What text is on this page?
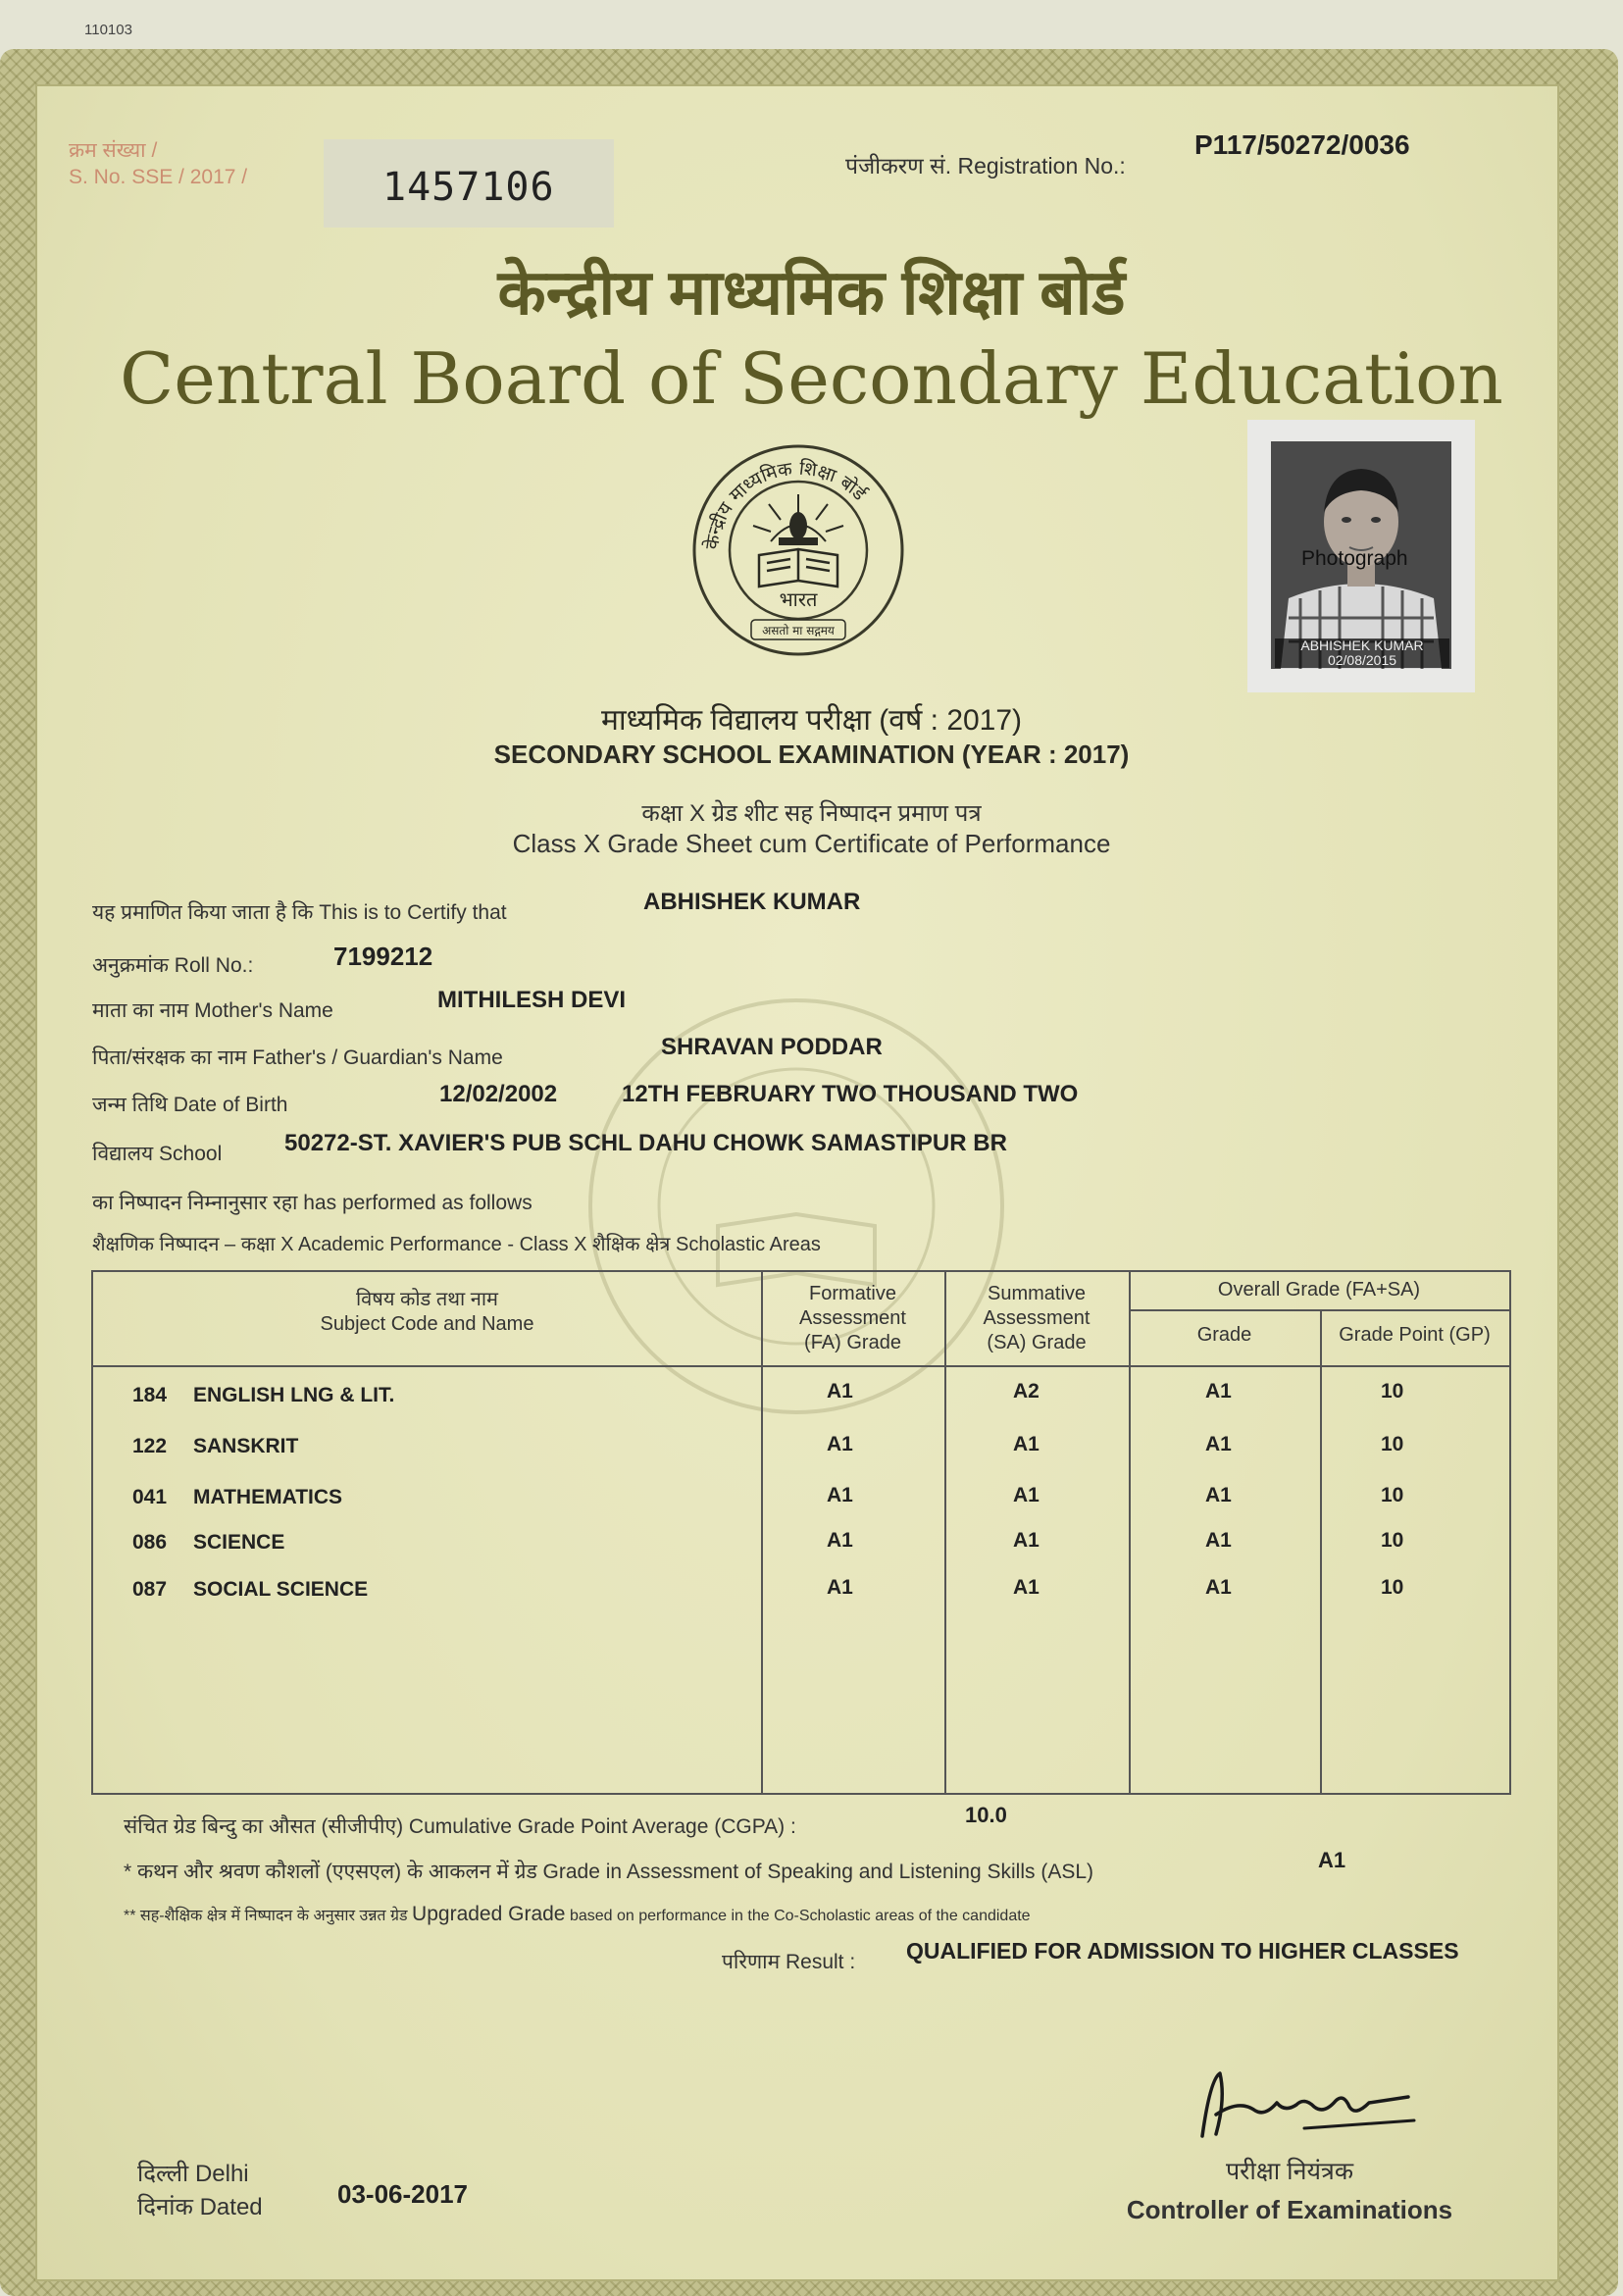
110103
क्रम संख्या /
S. No. SSE / 2017 /	1457106	पंजीकरण सं. Registration No.:
P117/50272/0036
केन्द्रीय माध्यमिक शिक्षा बोर्ड
Central Board of Secondary Education
केन्द्रीय माध्यमिक शिक्षा बोर्ड
भारत
असतो मा सद्गमय
Photograph
ABHISHEK KUMAR
02/08/2015
माध्यमिक विद्यालय परीक्षा (वर्ष : 2017)
SECONDARY SCHOOL EXAMINATION (YEAR : 2017)
कक्षा X ग्रेड शीट सह निष्पादन प्रमाण पत्र
Class X Grade Sheet cum Certificate of Performance
यह प्रमाणित किया जाता है कि This is to Certify that	ABHISHEK KUMAR
अनुक्रमांक Roll No.:	7199212
माता का नाम Mother's Name	MITHILESH DEVI
पिता/संरक्षक का नाम Father's / Guardian's Name	SHRAVAN PODDAR
जन्म तिथि Date of Birth	12/02/2002	12TH FEBRUARY TWO THOUSAND TWO
विद्यालय School	50272-ST. XAVIER'S PUB SCHL DAHU CHOWK SAMASTIPUR BR
का निष्पादन निम्नानुसार रहा has performed as follows
शैक्षणिक निष्पादन – कक्षा X Academic Performance - Class X शैक्षिक क्षेत्र Scholastic Areas
विषय कोड तथा नाम
Subject Code and Name
Formative
Assessment
(FA) Grade
Summative
Assessment
(SA) Grade
Overall Grade (FA+SA)
Grade	Grade Point (GP)
184 ENGLISH LNG & LIT.	A1	A2	A1	10
122 SANSKRIT	A1	A1	A1	10
041 MATHEMATICS	A1	A1	A1	10
086 SCIENCE	A1	A1	A1	10
087 SOCIAL SCIENCE	A1	A1	A1	10
संचित ग्रेड बिन्दु का औसत (सीजीपीए) Cumulative Grade Point Average (CGPA) :	10.0
* कथन और श्रवण कौशलों (एएसएल) के आकलन में ग्रेड Grade in Assessment of Speaking and Listening Skills (ASL)	A1
** सह-शैक्षिक क्षेत्र में निष्पादन के अनुसार उन्नत ग्रेड Upgraded Grade based on performance in the Co-Scholastic areas of the candidate
परिणाम Result : QUALIFIED FOR ADMISSION TO HIGHER CLASSES
दिल्ली Delhi
दिनांक Dated	03-06-2017
परीक्षा नियंत्रक
Controller of Examinations
